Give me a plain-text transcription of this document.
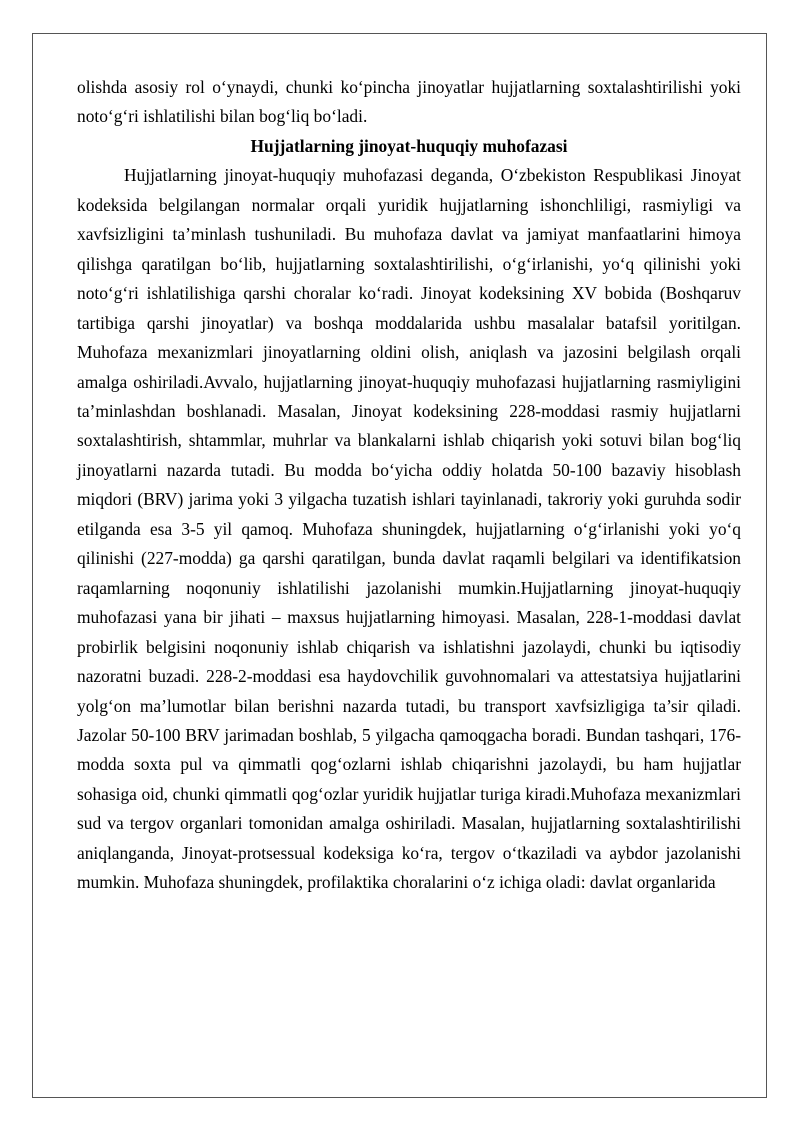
olishda asosiy rol o‘ynaydi, chunki ko‘pincha jinoyatlar hujjatlarning soxtalashtirilishi yoki noto‘g‘ri ishlatilishi bilan bog‘liq bo‘ladi.

Hujjatlarning jinoyat-huquqiy muhofazasi

Hujjatlarning jinoyat-huquqiy muhofazasi deganda, O‘zbekiston Respublikasi Jinoyat kodeksida belgilangan normalar orqali yuridik hujjatlarning ishonchliligi, rasmiyligi va xavfsizligini ta’minlash tushuniladi. Bu muhofaza davlat va jamiyat manfaatlarini himoya qilishga qaratilgan bo‘lib, hujjatlarning soxtalashtirilishi, o‘g‘irlanishi, yo‘q qilinishi yoki noto‘g‘ri ishlatilishiga qarshi choralar ko‘radi. Jinoyat kodeksining XV bobida (Boshqaruv tartibiga qarshi jinoyatlar) va boshqa moddalarida ushbu masalalar batafsil yoritilgan. Muhofaza mexanizmlari jinoyatlarning oldini olish, aniqlash va jazosini belgilash orqali amalga oshiriladi.Avvalo, hujjatlarning jinoyat-huquqiy muhofazasi hujjatlarning rasmiyligini ta’minlashdan boshlanadi. Masalan, Jinoyat kodeksining 228-moddasi rasmiy hujjatlarni soxtalashtirish, shtammlar, muhrlar va blankalarni ishlab chiqarish yoki sotuvi bilan bog‘liq jinoyatlarni nazarda tutadi. Bu modda bo‘yicha oddiy holatda 50-100 bazaviy hisoblash miqdori (BRV) jarima yoki 3 yilgacha tuzatish ishlari tayinlanadi, takroriy yoki guruhda sodir etilganda esa 3-5 yil qamoq. Muhofaza shuningdek, hujjatlarning o‘g‘irlanishi yoki yo‘q qilinishi (227-modda) ga qarshi qaratilgan, bunda davlat raqamli belgilari va identifikatsion raqamlarning noqonuniy ishlatilishi jazolanishi mumkin.Hujjatlarning jinoyat-huquqiy muhofazasi yana bir jihati – maxsus hujjatlarning himoyasi. Masalan, 228-1-moddasi davlat probirlik belgisini noqonuniy ishlab chiqarish va ishlatishni jazolaydi, chunki bu iqtisodiy nazoratni buzadi. 228-2-moddasi esa haydovchilik guvohnomalari va attestatsiya hujjatlarini yolg‘on ma’lumotlar bilan berishni nazarda tutadi, bu transport xavfsizligiga ta’sir qiladi. Jazolar 50-100 BRV jarimadan boshlab, 5 yilgacha qamoqgacha boradi. Bundan tashqari, 176-modda soxta pul va qimmatli qog‘ozlarni ishlab chiqarishni jazolaydi, bu ham hujjatlar sohasiga oid, chunki qimmatli qog‘ozlar yuridik hujjatlar turiga kiradi.Muhofaza mexanizmlari sud va tergov organlari tomonidan amalga oshiriladi. Masalan, hujjatlarning soxtalashtirilishi aniqlanganda, Jinoyat-protsessual kodeksiga ko‘ra, tergov o‘tkaziladi va aybdor jazolanishi mumkin. Muhofaza shuningdek, profilaktika choralarini o‘z ichiga oladi: davlat organlarida
